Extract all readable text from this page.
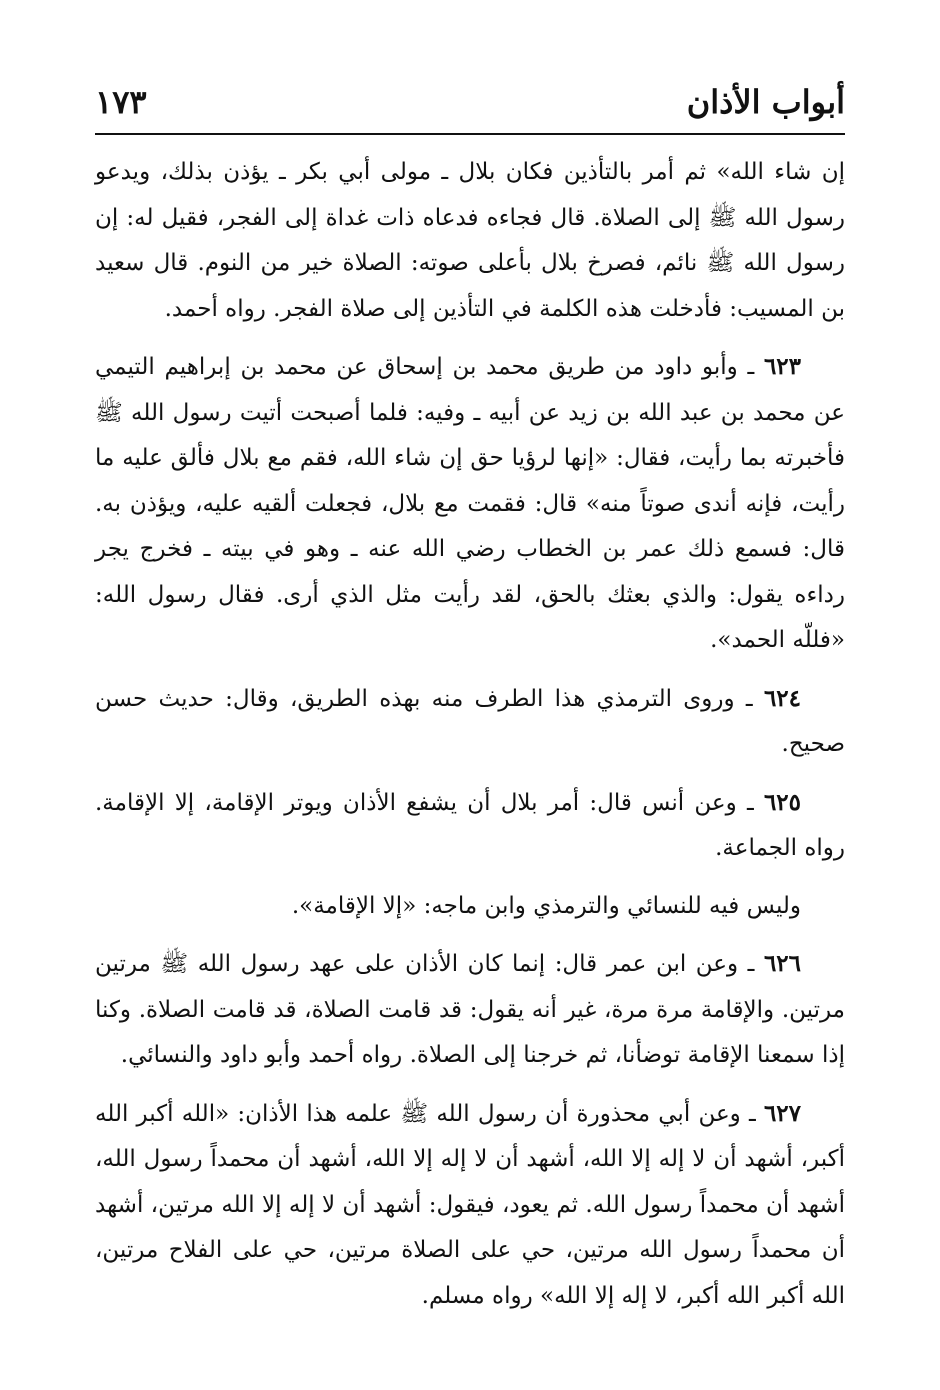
أبواب الأذان
١٧٣

إن شاء الله» ثم أمر بالتأذين فكان بلال ـ مولى أبي بكر ـ يؤذن بذلك، ويدعو رسول الله ﷺ إلى الصلاة. قال فجاءه فدعاه ذات غداة إلى الفجر، فقيل له: إن رسول الله ﷺ نائم، فصرخ بلال بأعلى صوته: الصلاة خير من النوم. قال سعيد بن المسيب: فأدخلت هذه الكلمة في التأذين إلى صلاة الفجر. رواه أحمد.

٦٢٣ ـ وأبو داود من طريق محمد بن إسحاق عن محمد بن إبراهيم التيمي عن محمد بن عبد الله بن زيد عن أبيه ـ وفيه: فلما أصبحت أتيت رسول الله ﷺ فأخبرته بما رأيت، فقال: «إنها لرؤيا حق إن شاء الله، فقم مع بلال فألق عليه ما رأيت، فإنه أندى صوتاً منه» قال: فقمت مع بلال، فجعلت ألقيه عليه، ويؤذن به. قال: فسمع ذلك عمر بن الخطاب رضي الله عنه ـ وهو في بيته ـ فخرج يجر رداءه يقول: والذي بعثك بالحق، لقد رأيت مثل الذي أرى. فقال رسول الله: «فللّه الحمد».

٦٢٤ ـ وروى الترمذي هذا الطرف منه بهذه الطريق، وقال: حديث حسن صحيح.

٦٢٥ ـ وعن أنس قال: أمر بلال أن يشفع الأذان ويوتر الإقامة، إلا الإقامة. رواه الجماعة.

وليس فيه للنسائي والترمذي وابن ماجه: «إلا الإقامة».

٦٢٦ ـ وعن ابن عمر قال: إنما كان الأذان على عهد رسول الله ﷺ مرتين مرتين. والإقامة مرة مرة، غير أنه يقول: قد قامت الصلاة، قد قامت الصلاة. وكنا إذا سمعنا الإقامة توضأنا، ثم خرجنا إلى الصلاة. رواه أحمد وأبو داود والنسائي.

٦٢٧ ـ وعن أبي محذورة أن رسول الله ﷺ علمه هذا الأذان: «الله أكبر الله أكبر، أشهد أن لا إله إلا الله، أشهد أن لا إله إلا الله، أشهد أن محمداً رسول الله، أشهد أن محمداً رسول الله. ثم يعود، فيقول: أشهد أن لا إله إلا الله مرتين، أشهد أن محمداً رسول الله مرتين، حي على الصلاة مرتين، حي على الفلاح مرتين، الله أكبر الله أكبر، لا إله إلا الله» رواه مسلم.
